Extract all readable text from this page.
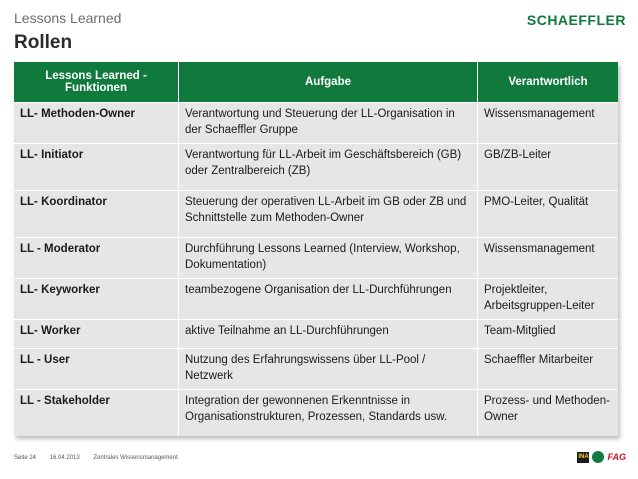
Lessons Learned
Rollen
SCHAEFFLER
Lessons Learned - Funktionen	Aufgabe	Verantwortlich
LL- Methoden-Owner	Verantwortung und Steuerung der LL-Organisation in der Schaeffler Gruppe	Wissensmanagement
LL- Initiator	Verantwortung für LL-Arbeit im Geschäftsbereich (GB) oder Zentralbereich (ZB)	GB/ZB-Leiter
LL- Koordinator	Steuerung der operativen LL-Arbeit im GB oder ZB und Schnittstelle zum Methoden-Owner	PMO-Leiter, Qualität
LL - Moderator	Durchführung Lessons Learned (Interview, Workshop, Dokumentation)	Wissensmanagement
LL- Keyworker	teambezogene Organisation der LL-Durchführungen	Projektleiter, Arbeitsgruppen-Leiter
LL- Worker	aktive Teilnahme an LL-Durchführungen	Team-Mitglied
LL - User	Nutzung des Erfahrungswissens über LL-Pool / Netzwerk	Schaeffler Mitarbeiter
LL - Stakeholder	Integration der gewonnenen Erkenntnisse in Organisationstrukturen, Prozessen, Standards usw.	Prozess- und Methoden-Owner
Seite 24 16.04.2013 Zentrales Wissensmanagement	INA FAG
